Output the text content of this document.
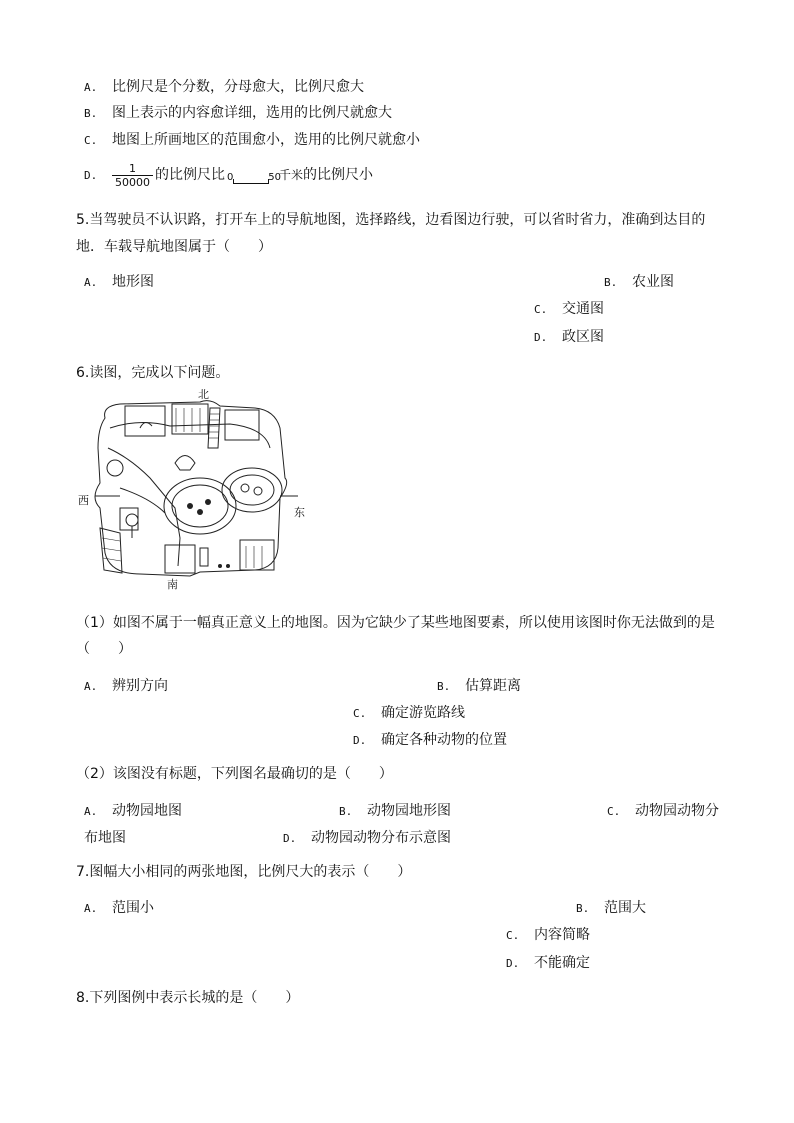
A. 比例尺是个分数，分母愈大，比例尺愈大
B. 图上表示的内容愈详细，选用的比例尺就愈大
C. 地图上所画地区的范围愈小，选用的比例尺就愈小
D. $\frac{1}{50000}$ 的比例尺比 0	50
千米的比例尺小
5.当驾驶员不认识路，打开车上的导航地图，选择路线，边看图边行驶，可以省时省力，准确到达目的
地．车载导航地图属于（　　）
A. 地形图	B. 农业图
C. 交通图
D. 政区图
6.读图，完成以下问题。
北
南
西
东
（1）如图不属于一幅真正意义上的地图。因为它缺少了某些地图要素，所以使用该图时你无法做到的是
（　　）
A. 辨别方向	B. 估算距离
C. 确定游览路线
D. 确定各种动物的位置
（2）该图没有标题，下列图名最确切的是（　　）
A. 动物园地图	B. 动物园地形图	C. 动物园动物分
布地图	D. 动物园动物分布示意图
7.图幅大小相同的两张地图，比例尺大的表示（　　）
A. 范围小	B. 范围大
C. 内容简略
D. 不能确定
8.下列图例中表示长城的是（　　）
